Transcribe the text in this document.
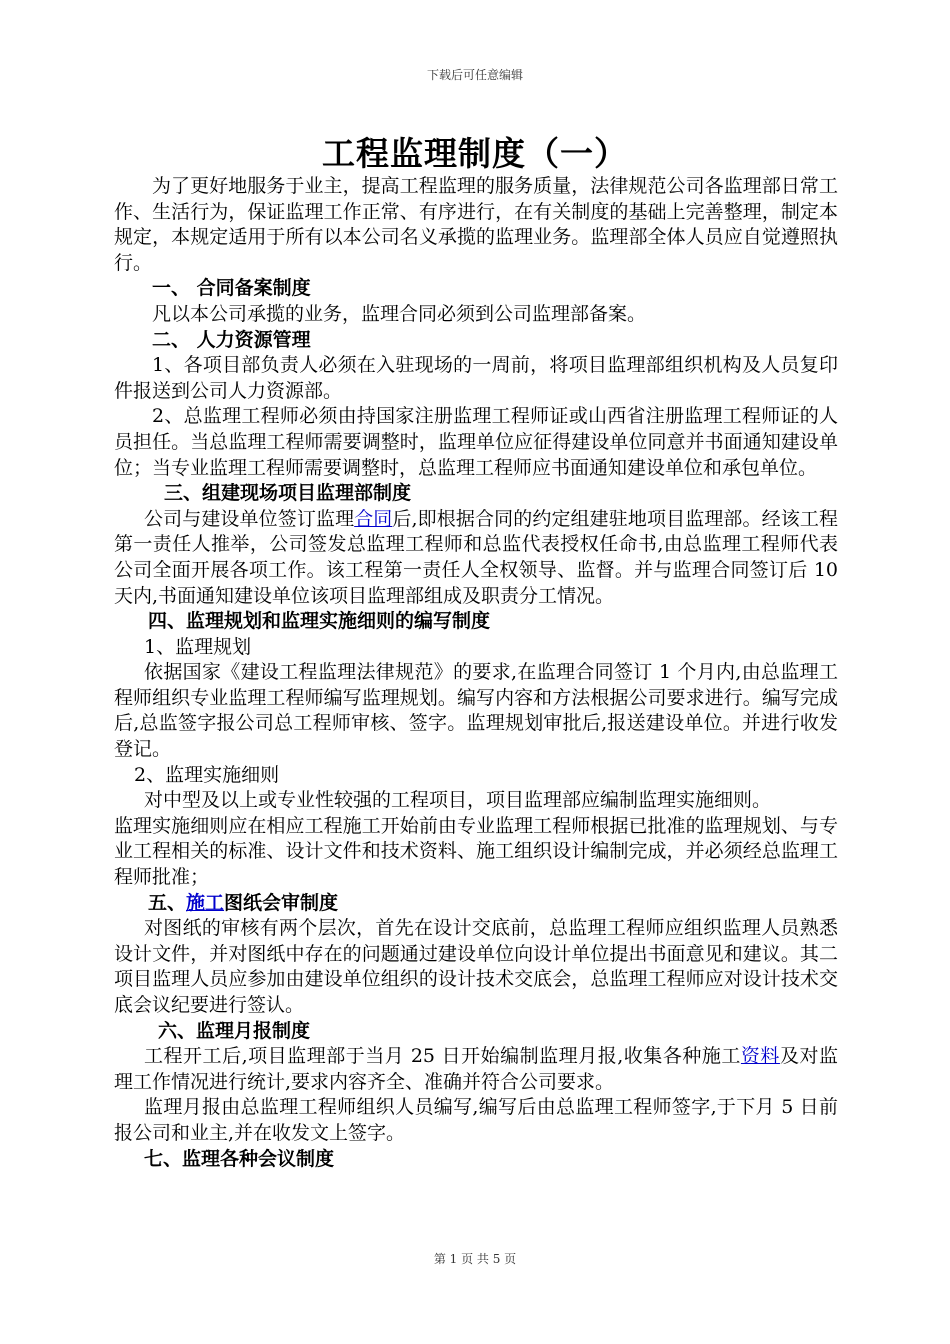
下载后可任意编辑
工程监理制度（一）

为了更好地服务于业主，提高工程监理的服务质量，法律规范公司各监理部日常工作、生活行为，保证监理工作正常、有序进行，在有关制度的基础上完善整理，制定本规定，本规定适用于所有以本公司名义承揽的监理业务。监理部全体人员应自觉遵照执行。

一、 合同备案制度

凡以本公司承揽的业务，监理合同必须到公司监理部备案。

二、 人力资源管理

1、各项目部负责人必须在入驻现场的一周前，将项目监理部组织机构及人员复印件报送到公司人力资源部。

2、总监理工程师必须由持国家注册监理工程师证或山西省注册监理工程师证的人员担任。当总监理工程师需要调整时，监理单位应征得建设单位同意并书面通知建设单位；当专业监理工程师需要调整时，总监理工程师应书面通知建设单位和承包单位。

三、组建现场项目监理部制度

公司与建设单位签订监理合同后,即根据合同的约定组建驻地项目监理部。经该工程第一责任人推举，公司签发总监理工程师和总监代表授权任命书,由总监理工程师代表公司全面开展各项工作。该工程第一责任人全权领导、监督。并与监理合同签订后 10 天内,书面通知建设单位该项目监理部组成及职责分工情况。

四、监理规划和监理实施细则的编写制度

1、监理规划

依据国家《建设工程监理法律规范》的要求,在监理合同签订 1 个月内,由总监理工程师组织专业监理工程师编写监理规划。编写内容和方法根据公司要求进行。编写完成后,总监签字报公司总工程师审核、签字。监理规划审批后,报送建设单位。并进行收发登记。

2、监理实施细则

对中型及以上或专业性较强的工程项目，项目监理部应编制监理实施细则。

监理实施细则应在相应工程施工开始前由专业监理工程师根据已批准的监理规划、与专业工程相关的标准、设计文件和技术资料、施工组织设计编制完成，并必须经总监理工程师批准；

五、施工图纸会审制度

对图纸的审核有两个层次，首先在设计交底前，总监理工程师应组织监理人员熟悉设计文件，并对图纸中存在的问题通过建设单位向设计单位提出书面意见和建议。其二 项目监理人员应参加由建设单位组织的设计技术交底会，总监理工程师应对设计技术交底会议纪要进行签认。

六、监理月报制度

工程开工后,项目监理部于当月 25 日开始编制监理月报,收集各种施工资料及对监理工作情况进行统计,要求内容齐全、准确并符合公司要求。

监理月报由总监理工程师组织人员编写,编写后由总监理工程师签字,于下月 5 日前报公司和业主,并在收发文上签字。

七、监理各种会议制度

第 1 页 共 5 页
